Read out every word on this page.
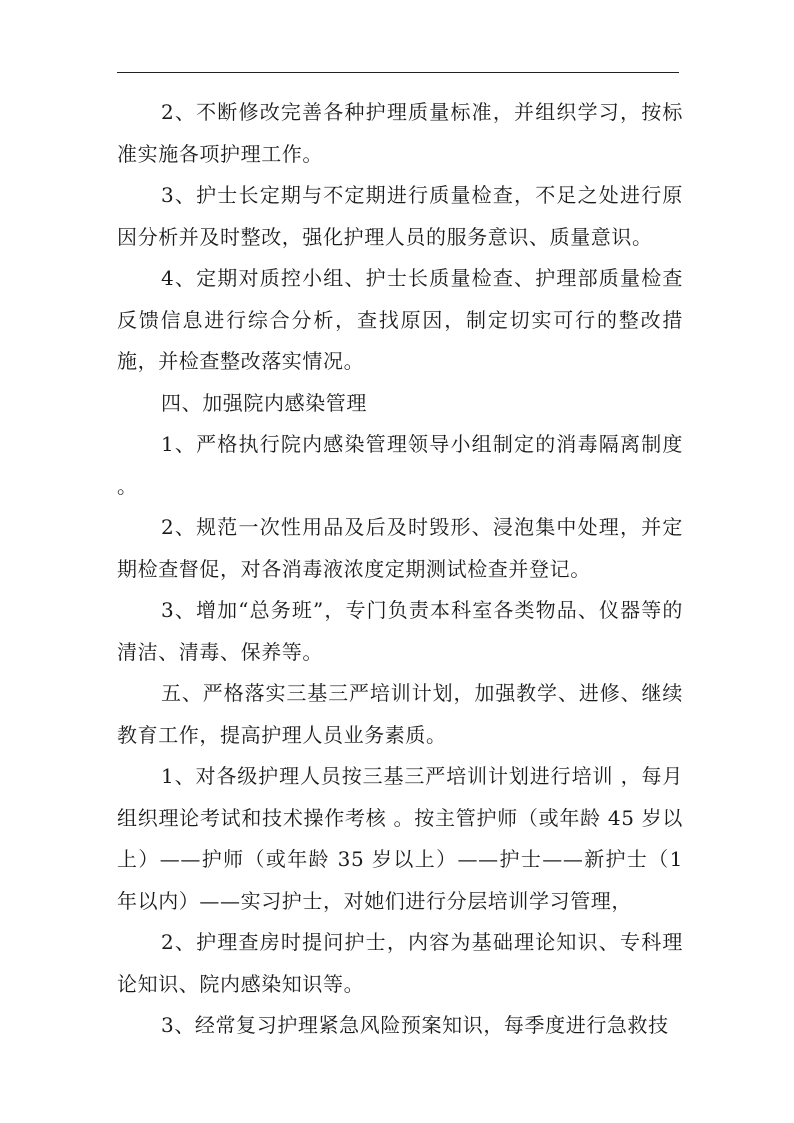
2、不断修改完善各种护理质量标准，并组织学习，按标准实施各项护理工作。

3、护士长定期与不定期进行质量检查，不足之处进行原因分析并及时整改，强化护理人员的服务意识、质量意识。

4、定期对质控小组、护士长质量检查、护理部质量检查反馈信息进行综合分析，查找原因，制定切实可行的整改措施，并检查整改落实情况。

四、加强院内感染管理

1、严格执行院内感染管理领导小组制定的消毒隔离制度 。

2、规范一次性用品及后及时毁形、浸泡集中处理，并定期检查督促，对各消毒液浓度定期测试检查并登记。

3、增加“总务班”，专门负责本科室各类物品、仪器等的清洁、清毒、保养等。

五、严格落实三基三严培训计划，加强教学、进修、继续教育工作，提高护理人员业务素质。

1、对各级护理人员按三基三严培训计划进行培训 ，每月组织理论考试和技术操作考核 。按主管护师（或年龄 45 岁以上）——护师（或年龄 35 岁以上）——护士——新护士（1年以内）——实习护士，对她们进行分层培训学习管理，

2、护理查房时提问护士，内容为基础理论知识、专科理论知识、院内感染知识等。

3、经常复习护理紧急风险预案知识，每季度进行急救技
